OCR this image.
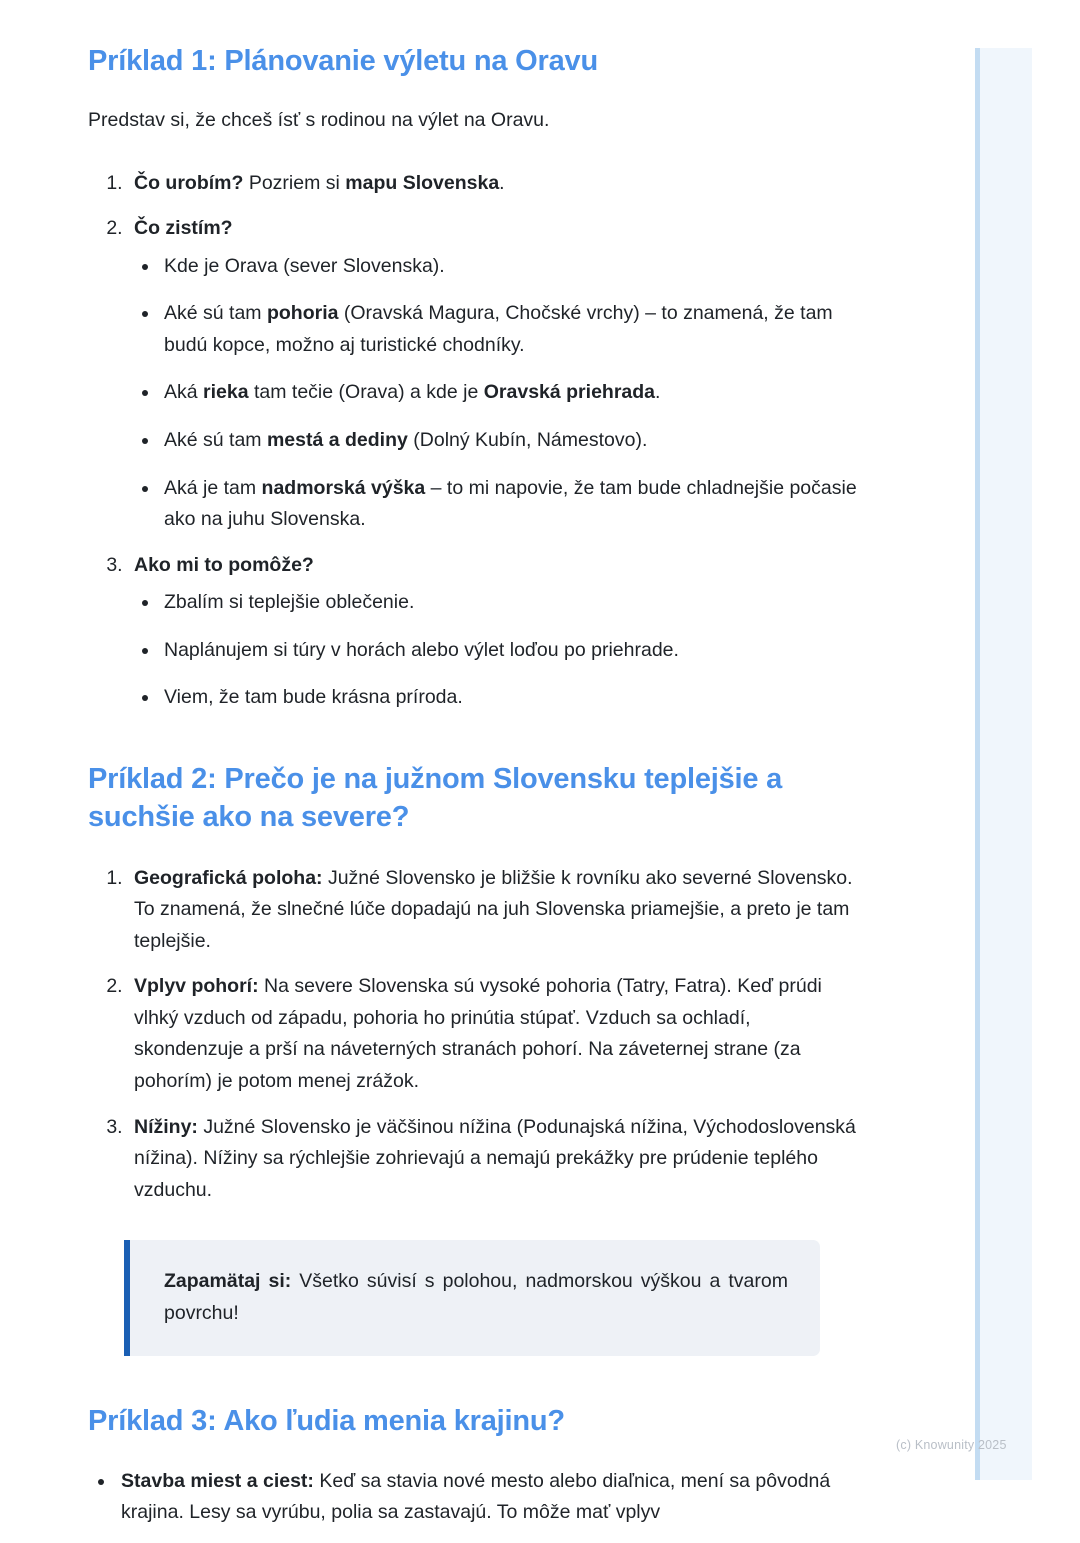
Príklad 1: Plánovanie výletu na Oravu

Predstav si, že chceš ísť s rodinou na výlet na Oravu.

1. Čo urobím? Pozriem si mapu Slovenska.
2. Čo zistím?
• Kde je Orava (sever Slovenska).
• Aké sú tam pohoria (Oravská Magura, Chočské vrchy) – to znamená, že tam budú kopce, možno aj turistické chodníky.
• Aká rieka tam tečie (Orava) a kde je Oravská priehrada.
• Aké sú tam mestá a dediny (Dolný Kubín, Námestovo).
• Aká je tam nadmorská výška – to mi napovie, že tam bude chladnejšie počasie ako na juhu Slovenska.
3. Ako mi to pomôže?
• Zbalím si teplejšie oblečenie.
• Naplánujem si túry v horách alebo výlet loďou po priehrade.
• Viem, že tam bude krásna príroda.
Príklad 2: Prečo je na južnom Slovensku teplejšie a suchšie ako na severe?
1. Geografická poloha: Južné Slovensko je bližšie k rovníku ako severné Slovensko. To znamená, že slnečné lúče dopadajú na juh Slovenska priamejšie, a preto je tam teplejšie.
2. Vplyv pohorí: Na severe Slovenska sú vysoké pohoria (Tatry, Fatra). Keď prúdi vlhký vzduch od západu, pohoria ho prinútia stúpať. Vzduch sa ochladí, skondenzuje a prší na náveterných stranách pohorí. Na záveternej strane (za pohorím) je potom menej zrážok.
3. Nížiny: Južné Slovensko je väčšinou nížina (Podunajská nížina, Východoslovenská nížina). Nížiny sa rýchlejšie zohrievajú a nemajú prekážky pre prúdenie teplého vzduchu.

Zapamätaj si: Všetko súvisí s polohou, nadmorskou výškou a tvarom povrchu!

Príklad 3: Ako ľudia menia krajinu?
• Stavba miest a ciest: Keď sa stavia nové mesto alebo diaľnica, mení sa pôvodná krajina. Lesy sa vyrúbu, polia sa zastavajú. To môže mať vplyv
(c) Knowunity 2025
